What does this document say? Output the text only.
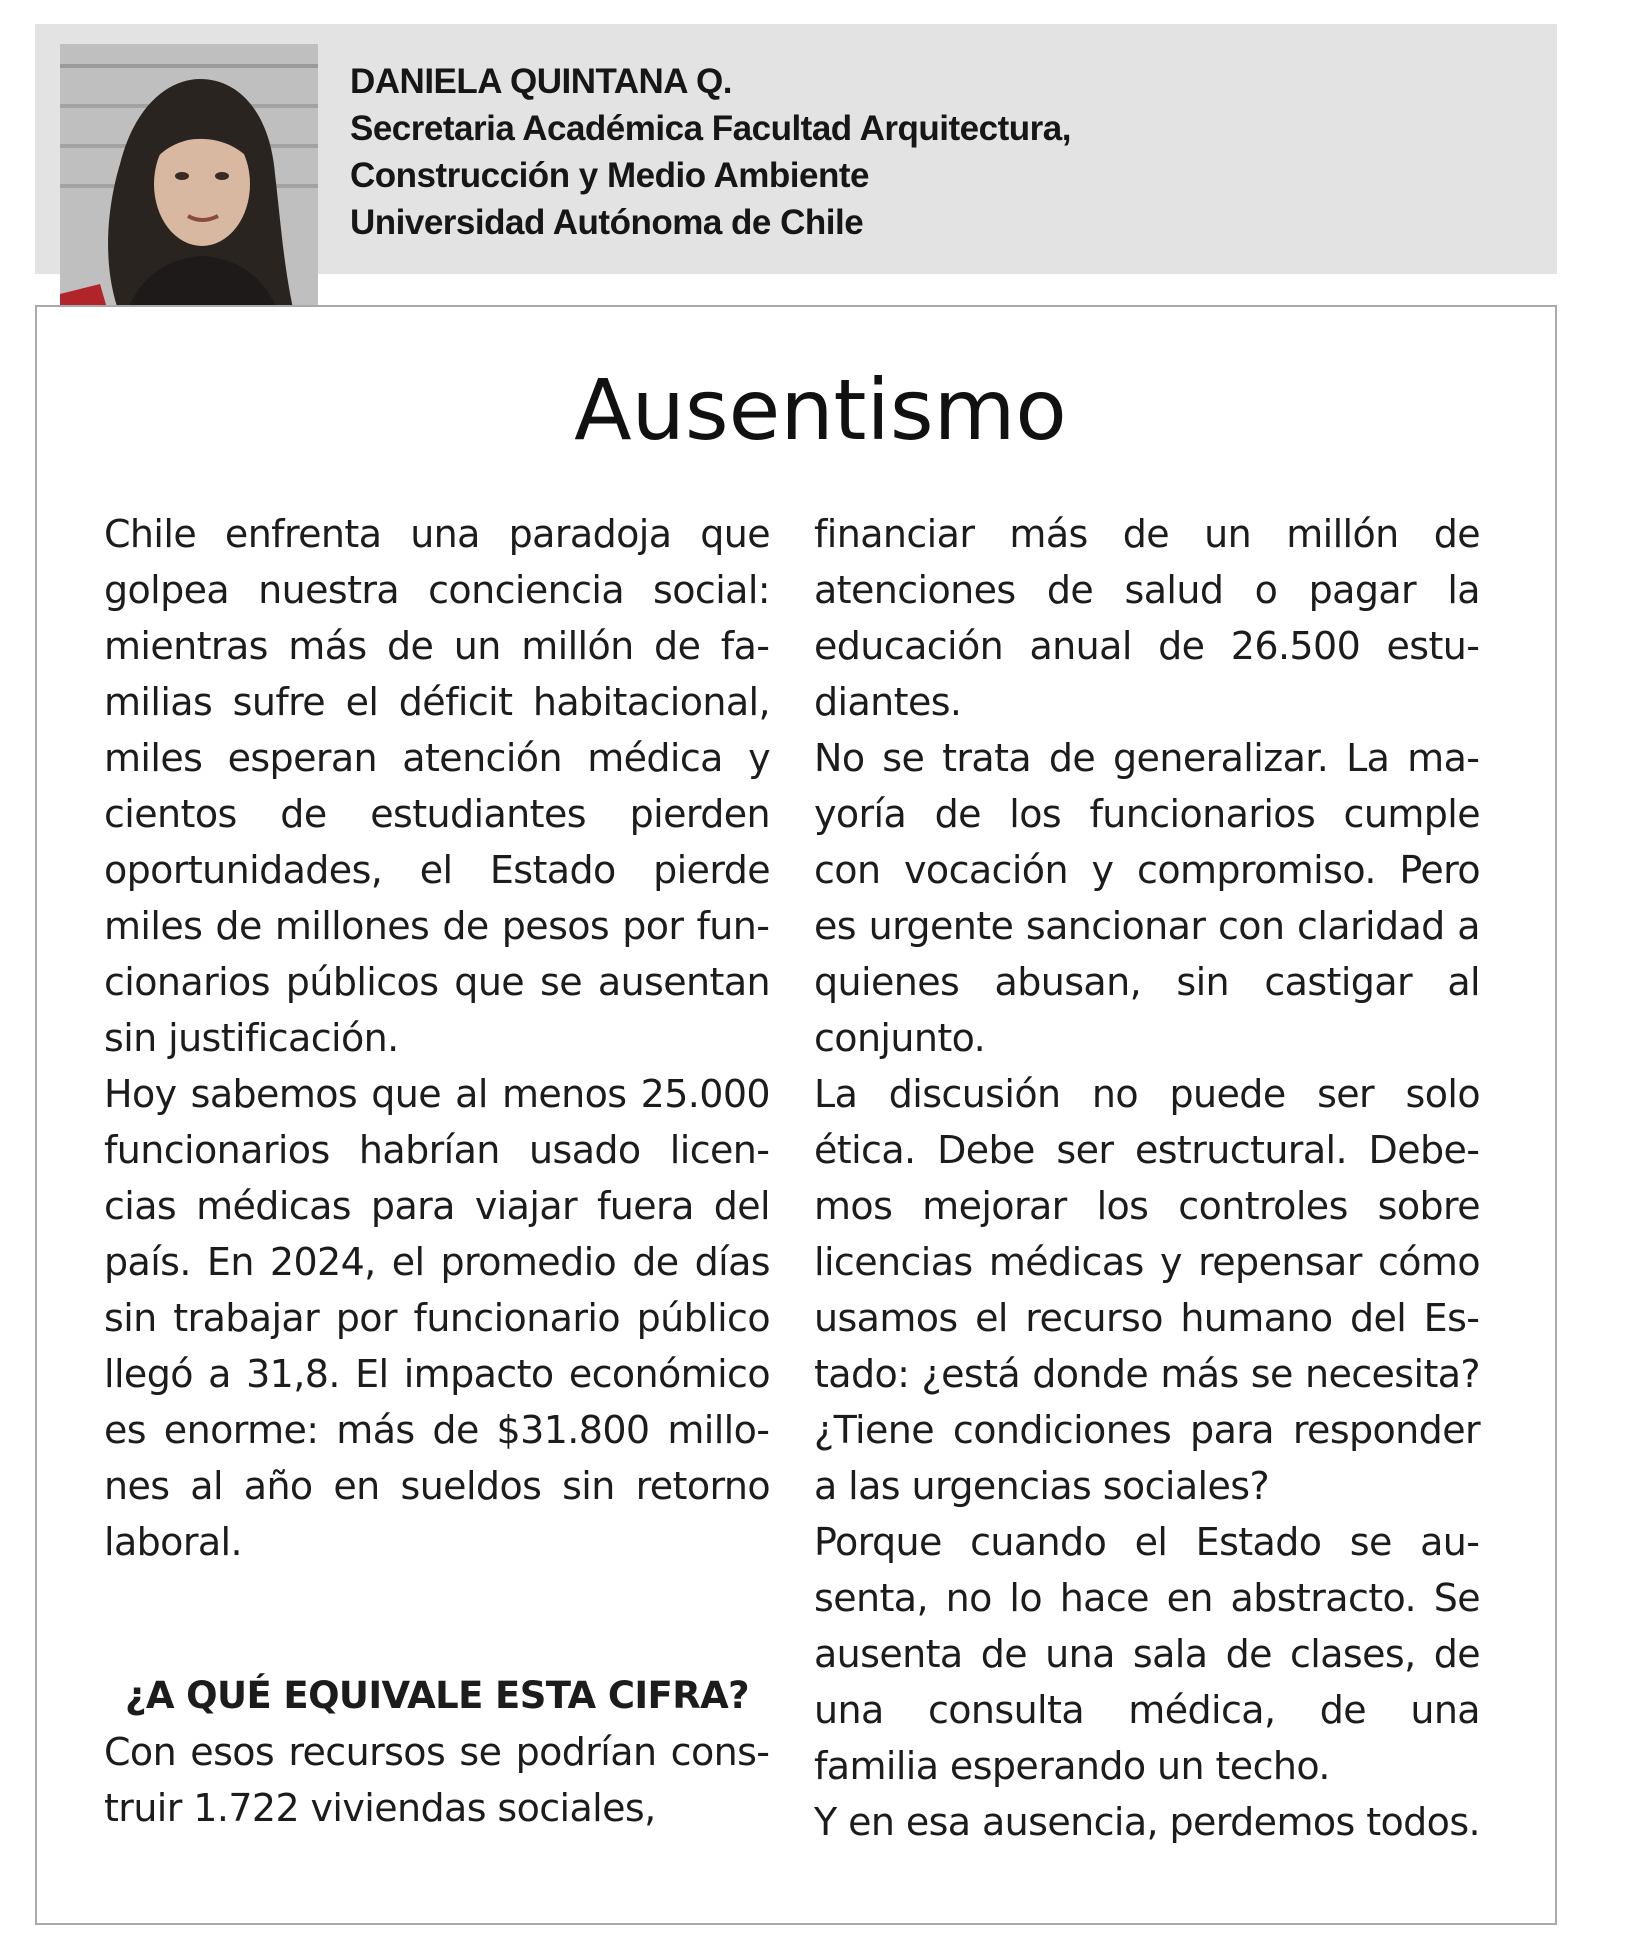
DANIELA QUINTANA Q.
Secretaria Académica Facultad Arquitectura,
Construcción y Medio Ambiente
Universidad Autónoma de Chile
Ausentismo

Chile enfrenta una paradoja que golpea nuestra conciencia social: mientras más de un millón de familias sufre el déficit habitacional, miles esperan atención médica y cientos de estudiantes pierden oportunidades, el Estado pierde miles de millones de pesos por funcionarios públicos que se ausentan sin justificación.

Hoy sabemos que al menos 25.000 funcionarios habrían usado licencias médicas para viajar fuera del país. En 2024, el promedio de días sin trabajar por funcionario público llegó a 31,8. El impacto económico es enorme: más de $31.800 millones al año en sueldos sin retorno laboral.

¿A QUÉ EQUIVALE ESTA CIFRA?

Con esos recursos se podrían construir 1.722 viviendas sociales,

financiar más de un millón de atenciones de salud o pagar la educación anual de 26.500 estudiantes.

No se trata de generalizar. La mayoría de los funcionarios cumple con vocación y compromiso. Pero es urgente sancionar con claridad a quienes abusan, sin castigar al conjunto.

La discusión no puede ser solo ética. Debe ser estructural. Debemos mejorar los controles sobre licencias médicas y repensar cómo usamos el recurso humano del Estado: ¿está donde más se necesita? ¿Tiene condiciones para responder a las urgencias sociales?

Porque cuando el Estado se ausenta, no lo hace en abstracto. Se ausenta de una sala de clases, de una consulta médica, de una familia esperando un techo.

Y en esa ausencia, perdemos todos.
